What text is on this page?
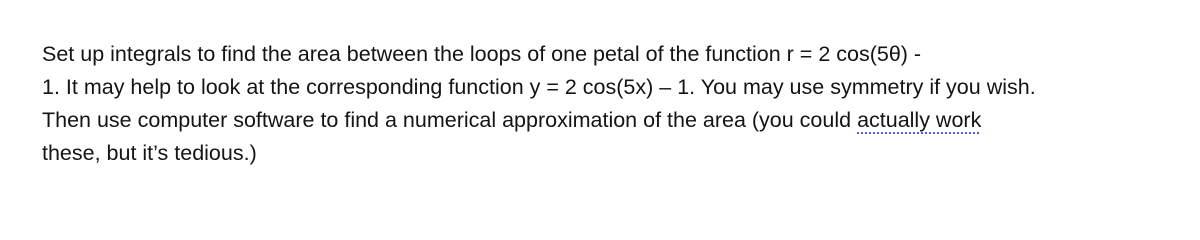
Set up integrals to find the area between the loops of one petal of the function r = 2 cos(5θ) -
1. It may help to look at the corresponding function y = 2 cos(5x) – 1. You may use symmetry if you wish.
Then use computer software to find a numerical approximation of the area (you could actually work
these, but it’s tedious.)
